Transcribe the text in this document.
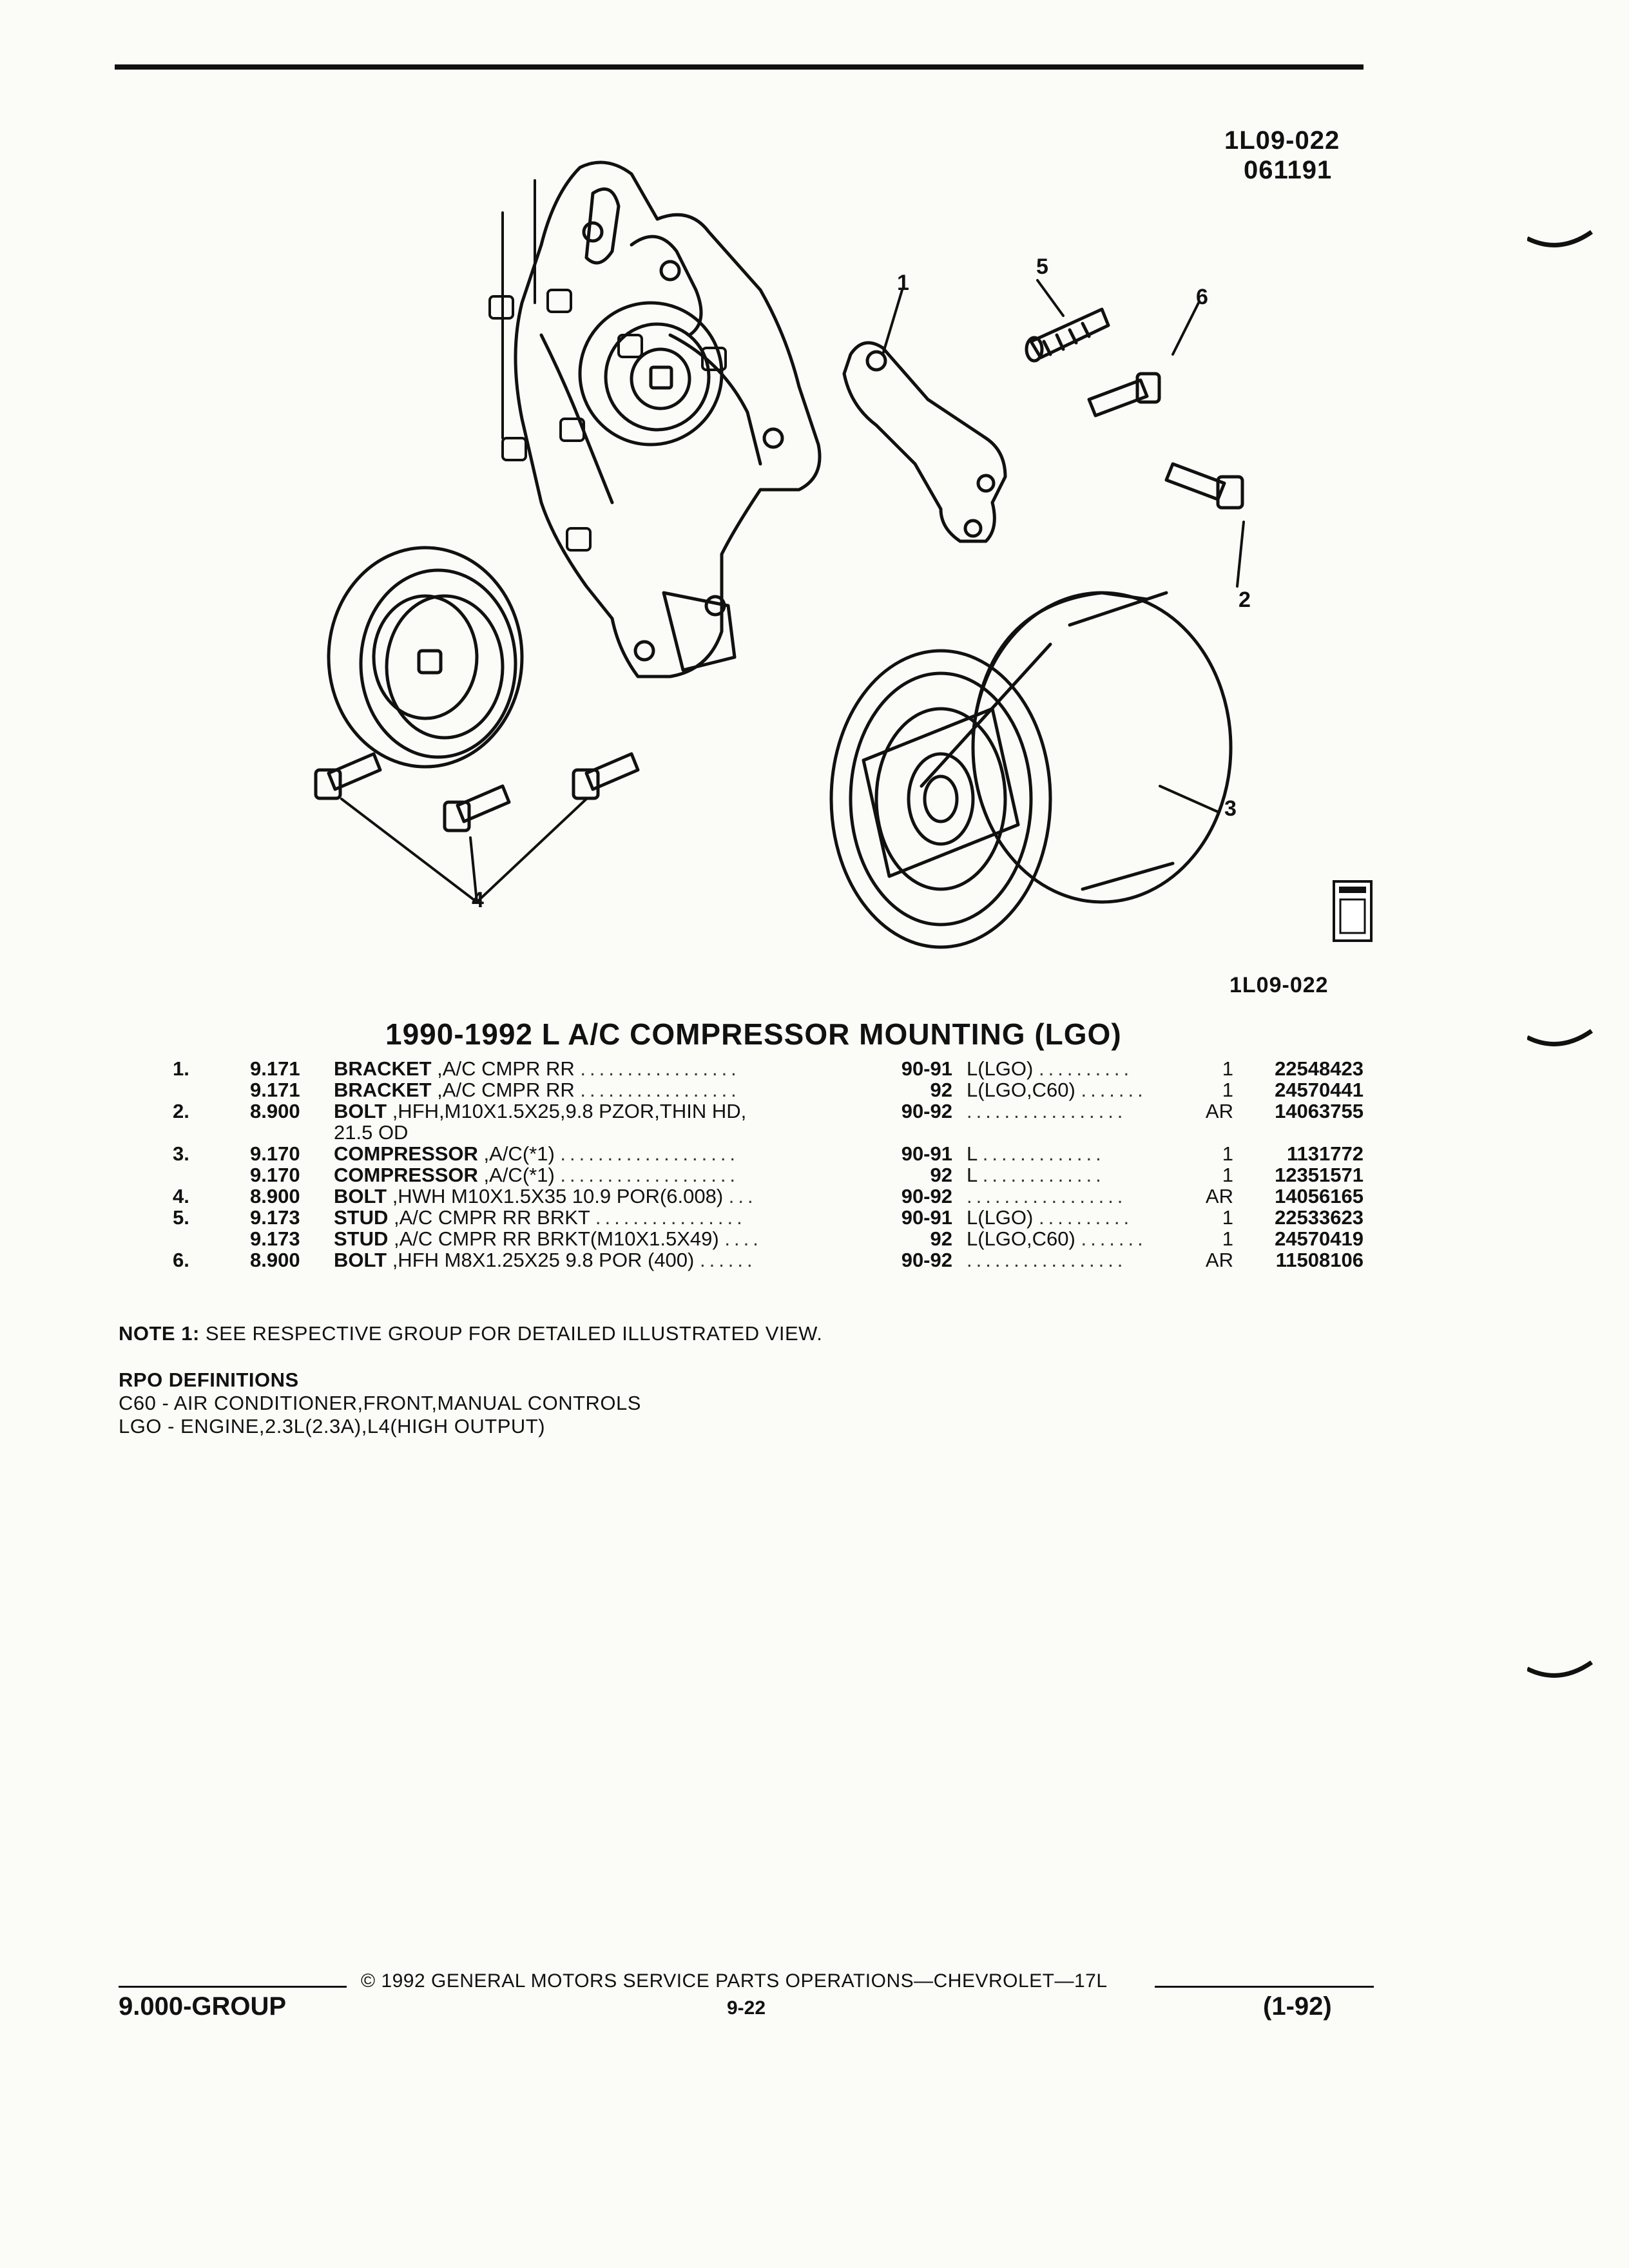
1L09-022
061191
1
5
6
2
3
4
1L09-022
1990-1992 L A/C COMPRESSOR MOUNTING (LGO)
1.	9.171	BRACKET ,A/C CMPR RR .................	90-91	L(LGO) ..........	1	22548423
	9.171	BRACKET ,A/C CMPR RR .................	92	L(LGO,C60) .......	1	24570441
2.	8.900	BOLT ,HFH,M10X1.5X25,9.8 PZOR,THIN HD,	90-92	.................	AR	14063755
		21.5 OD				
3.	9.170	COMPRESSOR ,A/C(*1) ...................	90-91	L .............	1	1131772
	9.170	COMPRESSOR ,A/C(*1) ...................	92	L .............	1	12351571
4.	8.900	BOLT ,HWH M10X1.5X35 10.9 POR(6.008) ...	90-92	.................	AR	14056165
5.	9.173	STUD ,A/C CMPR RR BRKT ................	90-91	L(LGO) ..........	1	22533623
	9.173	STUD ,A/C CMPR RR BRKT(M10X1.5X49) ....	92	L(LGO,C60) .......	1	24570419
6.	8.900	BOLT ,HFH M8X1.25X25 9.8 POR (400) ......	90-92	.................	AR	11508106
NOTE 1: SEE RESPECTIVE GROUP FOR DETAILED ILLUSTRATED VIEW.
RPO DEFINITIONS
C60 - AIR CONDITIONER,FRONT,MANUAL CONTROLS
LGO - ENGINE,2.3L(2.3A),L4(HIGH OUTPUT)
© 1992 GENERAL MOTORS SERVICE PARTS OPERATIONS—CHEVROLET—17L
9.000-GROUP	9-22	(1-92)
